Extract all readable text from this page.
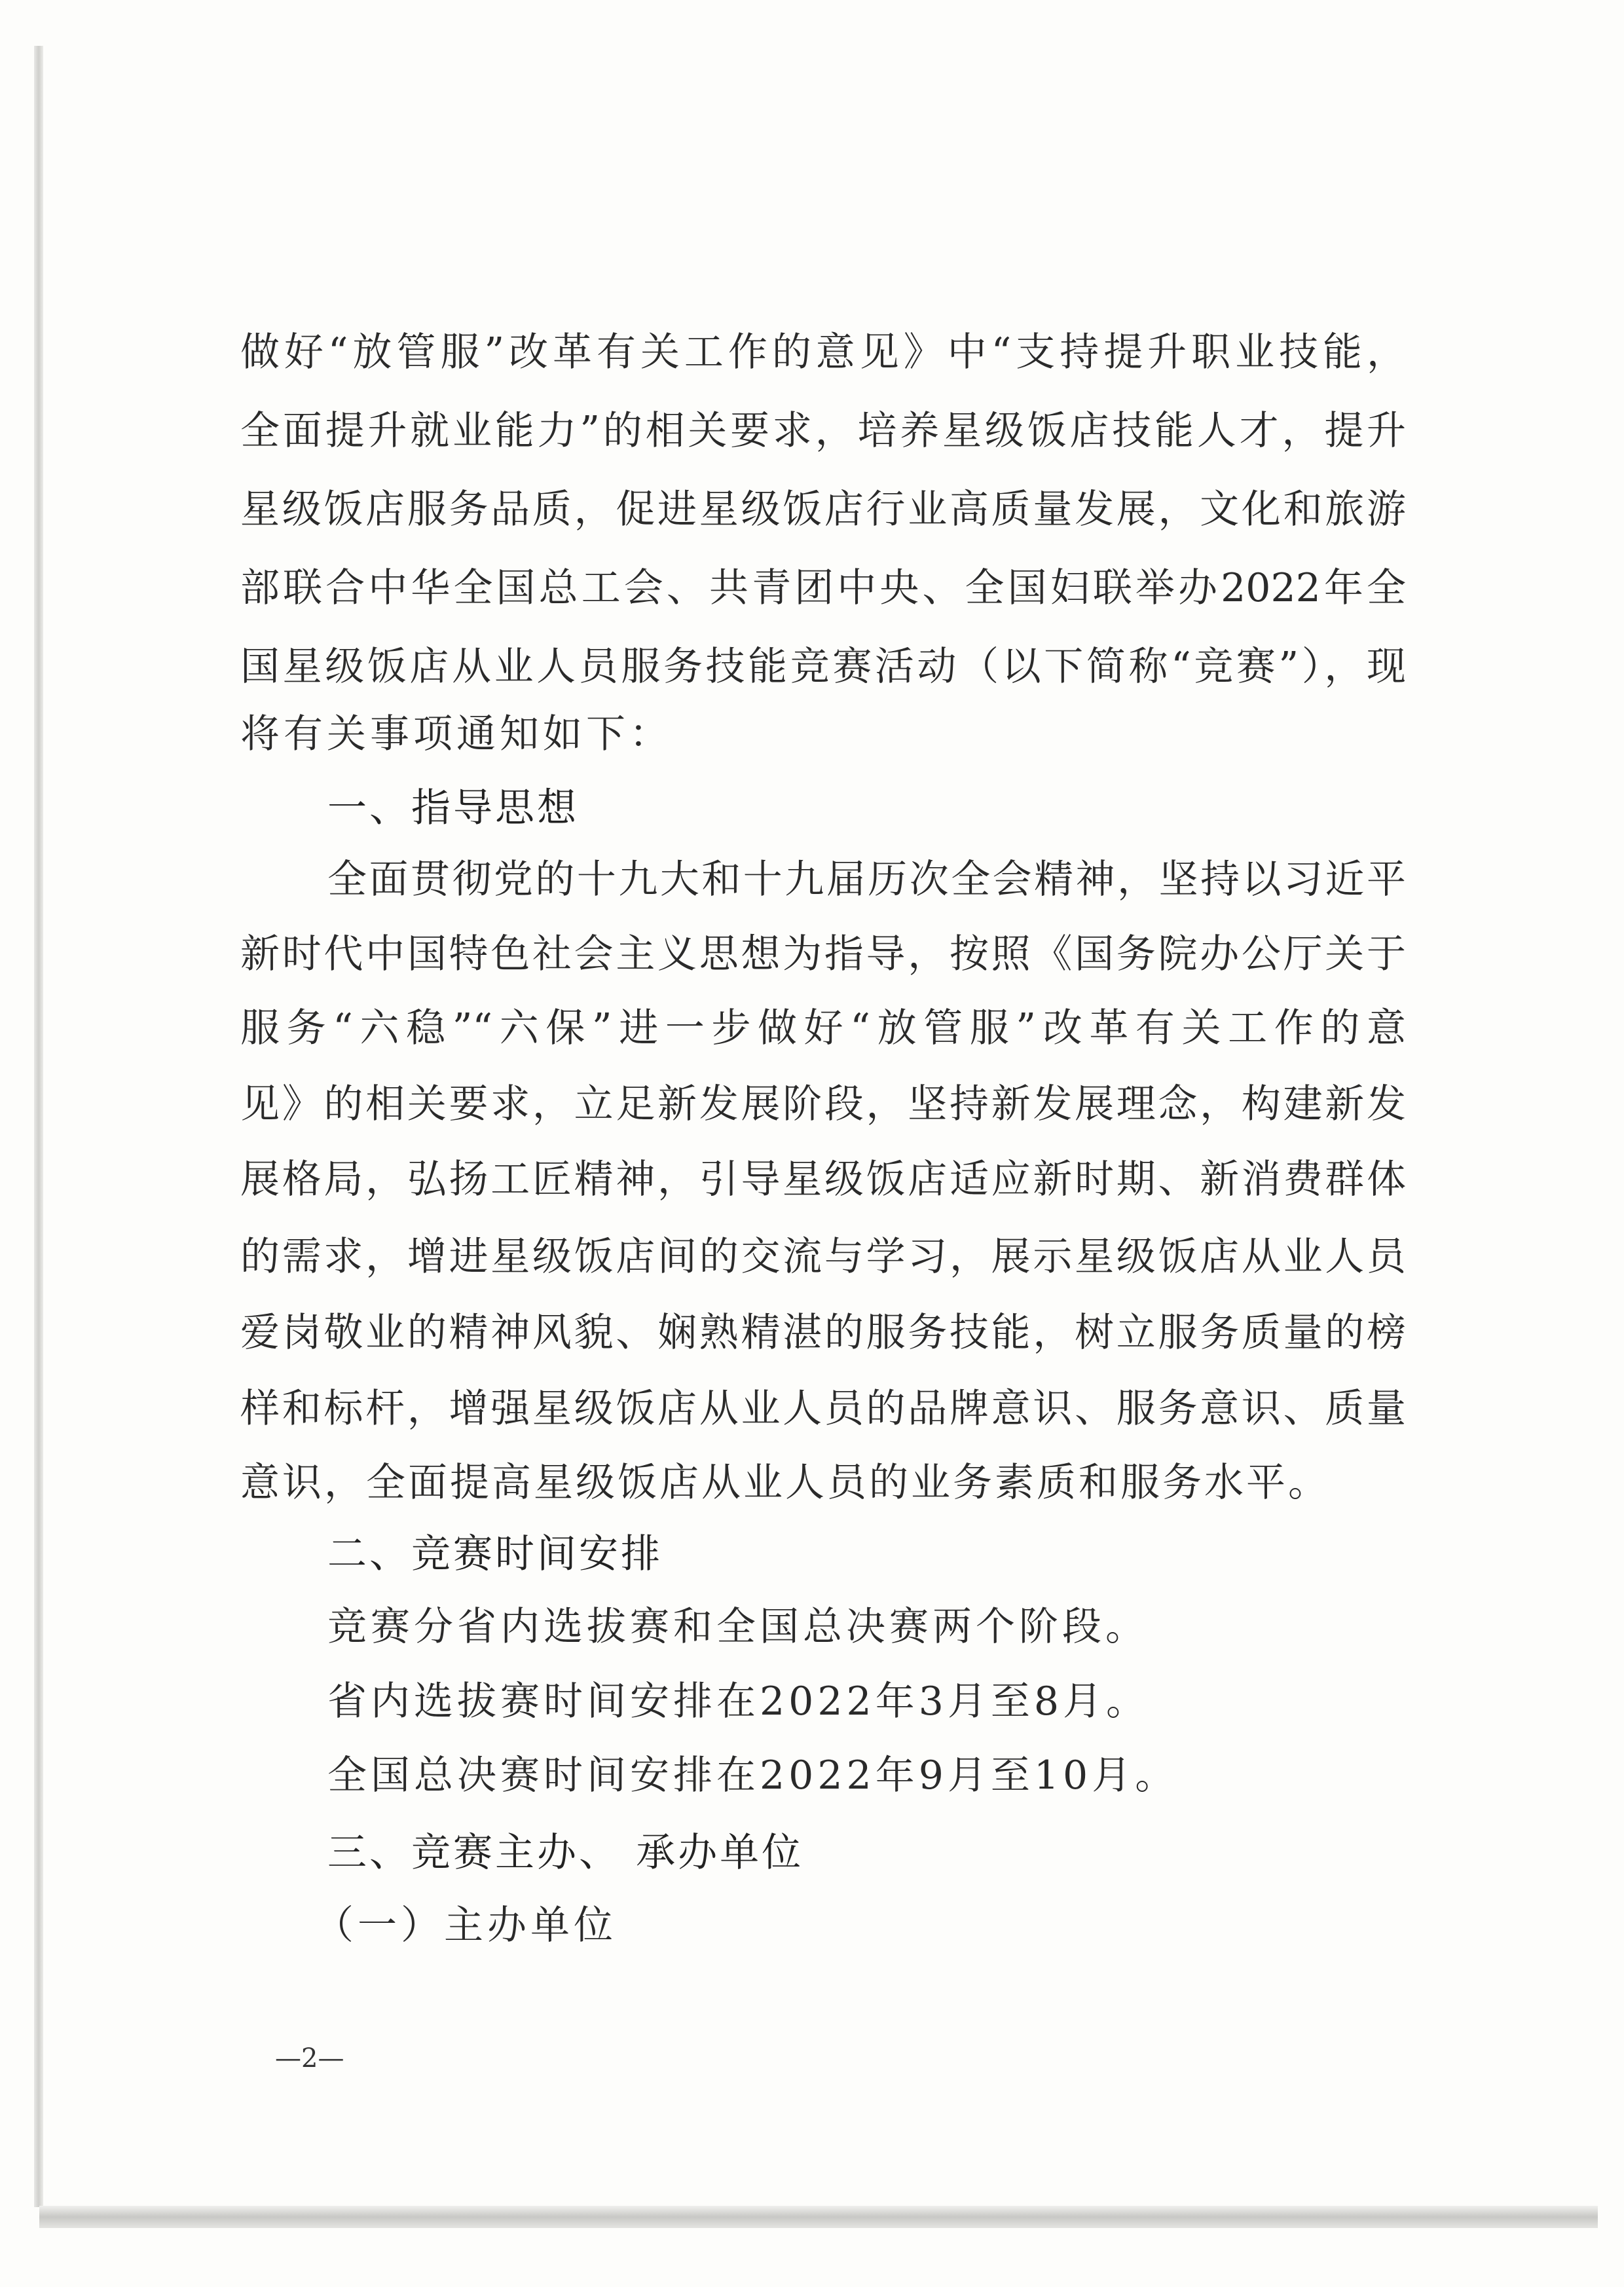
做好“放管服”改革有关工作的意见》中“支持提升职业技能，
全面提升就业能力”的相关要求，培养星级饭店技能人才，提升
星级饭店服务品质，促进星级饭店行业高质量发展，文化和旅游
部联合中华全国总工会、共青团中央、全国妇联举办2022年全
国星级饭店从业人员服务技能竞赛活动（以下简称“竞赛”），现
将有关事项通知如下：
一、指导思想
全面贯彻党的十九大和十九届历次全会精神，坚持以习近平
新时代中国特色社会主义思想为指导，按照《国务院办公厅关于
服务“六稳”“六保”进一步做好“放管服”改革有关工作的意
见》的相关要求，立足新发展阶段，坚持新发展理念，构建新发
展格局，弘扬工匠精神，引导星级饭店适应新时期、新消费群体
的需求，增进星级饭店间的交流与学习，展示星级饭店从业人员
爱岗敬业的精神风貌、娴熟精湛的服务技能，树立服务质量的榜
样和标杆，增强星级饭店从业人员的品牌意识、服务意识、质量
意识，全面提高星级饭店从业人员的业务素质和服务水平。
二、竞赛时间安排
竞赛分省内选拔赛和全国总决赛两个阶段。
省内选拔赛时间安排在2022年3月至8月。
全国总决赛时间安排在2022年9月至10月。
三、竞赛主办、 承办单位
（一）主办单位
—2—
